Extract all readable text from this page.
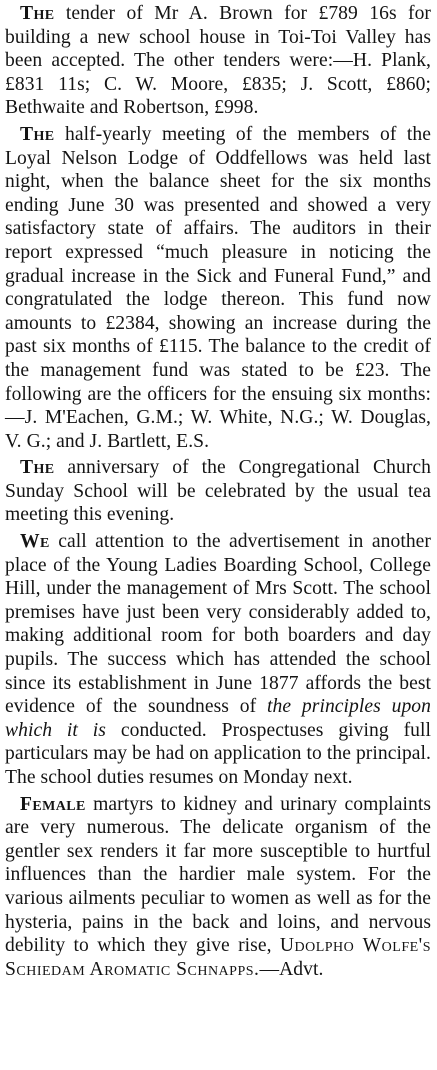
The tender of Mr A. Brown for £789 16s for building a new school house in Toi-Toi Valley has been accepted. The other tenders were:—H. Plank, £831 11s; C. W. Moore, £835; J. Scott, £860; Bethwaite and Robertson, £998.

The half-yearly meeting of the members of the Loyal Nelson Lodge of Oddfellows was held last night, when the balance sheet for the six months ending June 30 was presented and showed a very satisfactory state of affairs. The auditors in their report expressed “much pleasure in noticing the gradual increase in the Sick and Funeral Fund,” and congratulated the lodge thereon. This fund now amounts to £2384, showing an increase during the past six months of £115. The balance to the credit of the management fund was stated to be £23. The following are the officers for the ensuing six months:—J. M'Eachen, G.M.; W. White, N.G.; W. Douglas, V. G.; and J. Bartlett, E.S.

The anniversary of the Congregational Church Sunday School will be celebrated by the usual tea meeting this evening.

We call attention to the advertisement in another place of the Young Ladies Boarding School, College Hill, under the management of Mrs Scott. The school premises have just been very considerably added to, making additional room for both boarders and day pupils. The success which has attended the school since its establishment in June 1877 affords the best evidence of the soundness of the principles upon which it is conducted. Prospectuses giving full particulars may be had on application to the principal. The school duties resumes on Monday next.

Female martyrs to kidney and urinary complaints are very numerous. The delicate organism of the gentler sex renders it far more susceptible to hurtful influences than the hardier male system. For the various ailments peculiar to women as well as for the hysteria, pains in the back and loins, and nervous debility to which they give rise, Udolpho Wolfe's Schiedam Aromatic Schnapps.—Advt.
